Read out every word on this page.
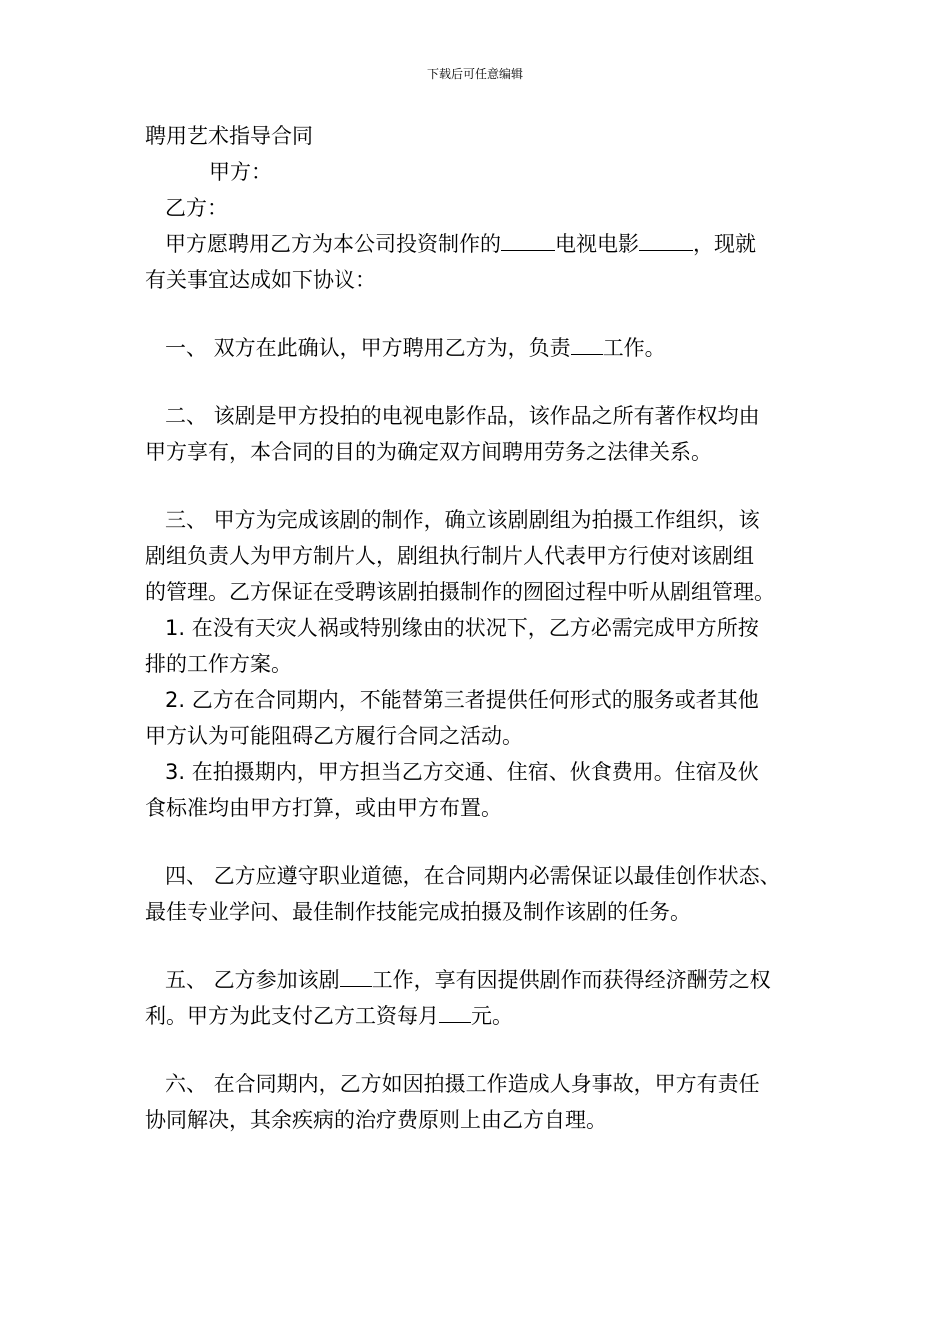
下载后可任意编辑
聘用艺术指导合同
甲方：
乙方：
甲方愿聘用乙方为本公司投资制作的	电视电影	，现就
有关事宜达成如下协议：
一、 双方在此确认，甲方聘用乙方为，负责 工作。
二、 该剧是甲方投拍的电视电影作品，该作品之所有著作权均由
甲方享有，本合同的目的为确定双方间聘用劳务之法律关系。
三、 甲方为完成该剧的制作，确立该剧剧组为拍摄工作组织，该
剧组负责人为甲方制片人，剧组执行制片人代表甲方行使对该剧组
的管理。乙方保证在受聘该剧拍摄制作的囫囵过程中听从剧组管理。
1. 在没有天灾人祸或特别缘由的状况下，乙方必需完成甲方所按
排的工作方案。
2. 乙方在合同期内，不能替第三者提供任何形式的服务或者其他
甲方认为可能阻碍乙方履行合同之活动。
3. 在拍摄期内，甲方担当乙方交通、住宿、伙食费用。住宿及伙
食标准均由甲方打算，或由甲方布置。
四、 乙方应遵守职业道德，在合同期内必需保证以最佳创作状态、
最佳专业学问、最佳制作技能完成拍摄及制作该剧的任务。
五、 乙方参加该剧 工作，享有因提供剧作而获得经济酬劳之权
利。甲方为此支付乙方工资每月 元。
六、 在合同期内，乙方如因拍摄工作造成人身事故，甲方有责任
协同解决，其余疾病的治疗费原则上由乙方自理。
